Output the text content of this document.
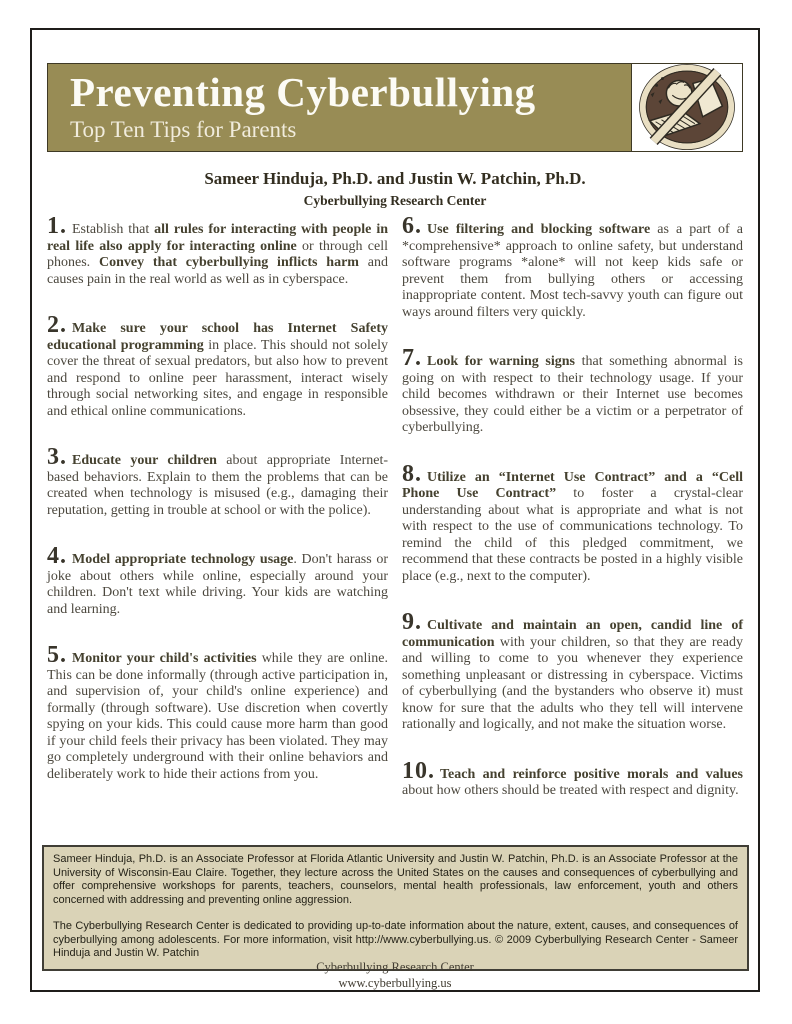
Preventing Cyberbullying
Top Ten Tips for Parents
Sameer Hinduja, Ph.D. and Justin W. Patchin, Ph.D.
Cyberbullying Research Center
1. Establish that all rules for interacting with people in real life also apply for interacting online or through cell phones. Convey that cyberbullying inflicts harm and causes pain in the real world as well as in cyberspace.
2. Make sure your school has Internet Safety educational programming in place. This should not solely cover the threat of sexual predators, but also how to prevent and respond to online peer harassment, interact wisely through social networking sites, and engage in responsible and ethical online communications.
3. Educate your children about appropriate Internet-based behaviors. Explain to them the problems that can be created when technology is misused (e.g., damaging their reputation, getting in trouble at school or with the police).
4. Model appropriate technology usage. Don't harass or joke about others while online, especially around your children. Don't text while driving. Your kids are watching and learning.
5. Monitor your child's activities while they are online. This can be done informally (through active participation in, and supervision of, your child's online experience) and formally (through software). Use discretion when covertly spying on your kids. This could cause more harm than good if your child feels their privacy has been violated. They may go completely underground with their online behaviors and deliberately work to hide their actions from you.
6. Use filtering and blocking software as a part of a *comprehensive* approach to online safety, but understand software programs *alone* will not keep kids safe or prevent them from bullying others or accessing inappropriate content. Most tech-savvy youth can figure out ways around filters very quickly.
7. Look for warning signs that something abnormal is going on with respect to their technology usage. If your child becomes withdrawn or their Internet use becomes obsessive, they could either be a victim or a perpetrator of cyberbullying.
8. Utilize an “Internet Use Contract” and a “Cell Phone Use Contract” to foster a crystal-clear understanding about what is appropriate and what is not with respect to the use of communications technology. To remind the child of this pledged commitment, we recommend that these contracts be posted in a highly visible place (e.g., next to the computer).
9. Cultivate and maintain an open, candid line of communication with your children, so that they are ready and willing to come to you whenever they experience something unpleasant or distressing in cyberspace. Victims of cyberbullying (and the bystanders who observe it) must know for sure that the adults who they tell will intervene rationally and logically, and not make the situation worse.
10. Teach and reinforce positive morals and values about how others should be treated with respect and dignity.

Sameer Hinduja, Ph.D. is an Associate Professor at Florida Atlantic University and Justin W. Patchin, Ph.D. is an Associate Professor at the University of Wisconsin-Eau Claire. Together, they lecture across the United States on the causes and consequences of cyberbullying and offer comprehensive workshops for parents, teachers, counselors, mental health professionals, law enforcement, youth and others concerned with addressing and preventing online aggression.

The Cyberbullying Research Center is dedicated to providing up-to-date information about the nature, extent, causes, and consequences of cyberbullying among adolescents. For more information, visit http://www.cyberbullying.us. © 2009 Cyberbullying Research Center - Sameer Hinduja and Justin W. Patchin

Cyberbullying Research Center
www.cyberbullying.us
